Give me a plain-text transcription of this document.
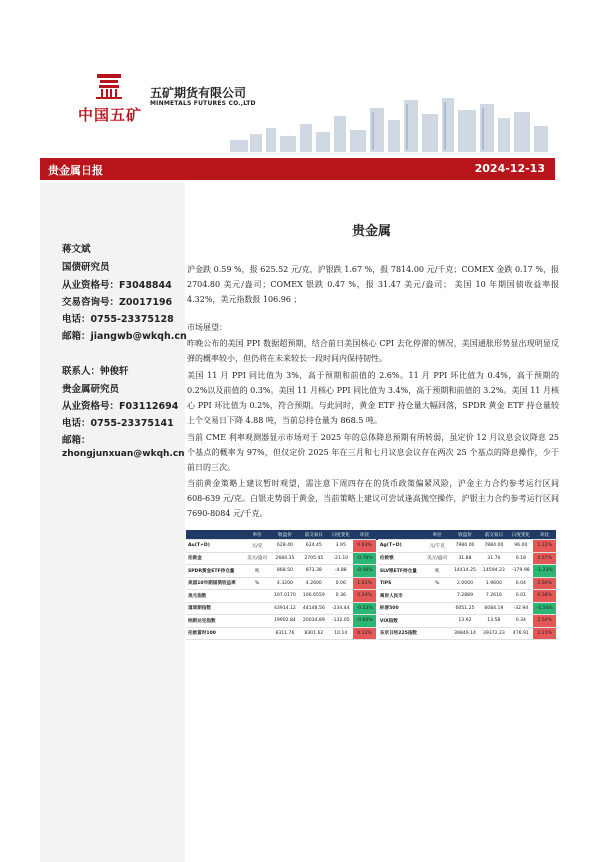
中国五矿
五矿期货有限公司
MINMETALS FUTURES CO.,LTD
贵金属日报	2024-12-13
蒋文斌
国债研究员
从业资格号：F3048844
交易咨询号：Z0017196
电话：0755-23375128
邮箱：jiangwb@wkqh.cn
联系人：钟俊轩
贵金属研究员
从业资格号：F03112694
电话：0755-23375141
邮箱：
zhongjunxuan@wkqh.cn
贵金属
沪金跌 0.59 %，报 625.52 元/克，沪银跌 1.67 %，报 7814.00 元/千克；COMEX 金跌 0.17 %，报 2704.80 美元/盎司；COMEX 银跌 0.47 %，报 31.47 美元/盎司； 美国 10 年期国债收益率报 4.32%，美元指数报 106.96 ；
市场展望：
昨晚公布的美国 PPI 数据超预期，结合前日美国核心 CPI 去化停滞的情况，美国通胀形势显出现明显反弹的概率较小，但仍将在未来较长一段时间内保持韧性。
美国 11 月 PPI 同比值为 3%，高于预期和前值的 2.6%。11 月 PPI 环比值为 0.4%，高于预期的 0.2%以及前值的 0.3%。美国 11 月核心 PPI 同比值为 3.4%，高于预期和前值的 3.2%。美国 11 月核心 PPI 环比值为 0.2%，符合预期。与此同时，黄金 ETF 持仓量大幅回落，SPDR 黄金 ETF 持仓量较上个交易日下降 4.88 吨，当前总持仓量为 868.5 吨。
当前 CME 利率观测器显示市场对于 2025 年的总体降息预期有所转弱，虽定价 12 月议息会议降息 25 个基点的概率为 97%，但仅定价 2025 年在三月和七月议息会议存在两次 25 个基点的降息操作，少于前日的三次。
当前黄金策略上建议暂时观望，需注意下周四存在的货币政策偏紧风险，沪金主力合约参考运行区间 608-639 元/克。白银走势弱于黄金，当前策略上建议可尝试逢高抛空操作，沪银主力合约参考运行区间 7690-8084 元/千克。
	单位	收盘价	前交易日	日度变化	环比			单位	收盘价	前交易日	日度变化	环比
Au(T+D)	元/克	628.40	624.45	3.95	0.63%		Ag(T+D)	元/千克	7980.00	7884.00	96.00	1.22%
伦敦金	美元/盎司	2684.35	2705.45	-21.10	-0.78%		伦敦银	美元/盎司	31.88	31.70	0.18	0.57%
SPDR黄金ETF持仓量	吨	868.50	873.38	-4.88	-0.56%		SLV银ETF持仓量	吨	14414.25	14594.23	-179.98	-1.23%
美国10年期国债收益率	%	4.3200	4.2600	0.06	1.41%		TIPS	%	2.0000	1.9600	0.04	2.04%
美元指数		107.0170	106.6559	0.36	0.34%		离岸人民币		7.2889	7.2616	0.01	0.38%
道琼斯指数		43914.12	44148.56	-234.44	-0.53%		标普500		6051.25	6084.19	-32.94	-0.54%
纳斯达克指数		19902.84	20034.89	-132.05	-0.66%		VIX指数		13.92	13.58	0.34	2.50%
伦敦富时100		8311.76	8301.62	10.14	0.12%		东京日经225指数		39849.14	39372.23	476.91	1.21%
